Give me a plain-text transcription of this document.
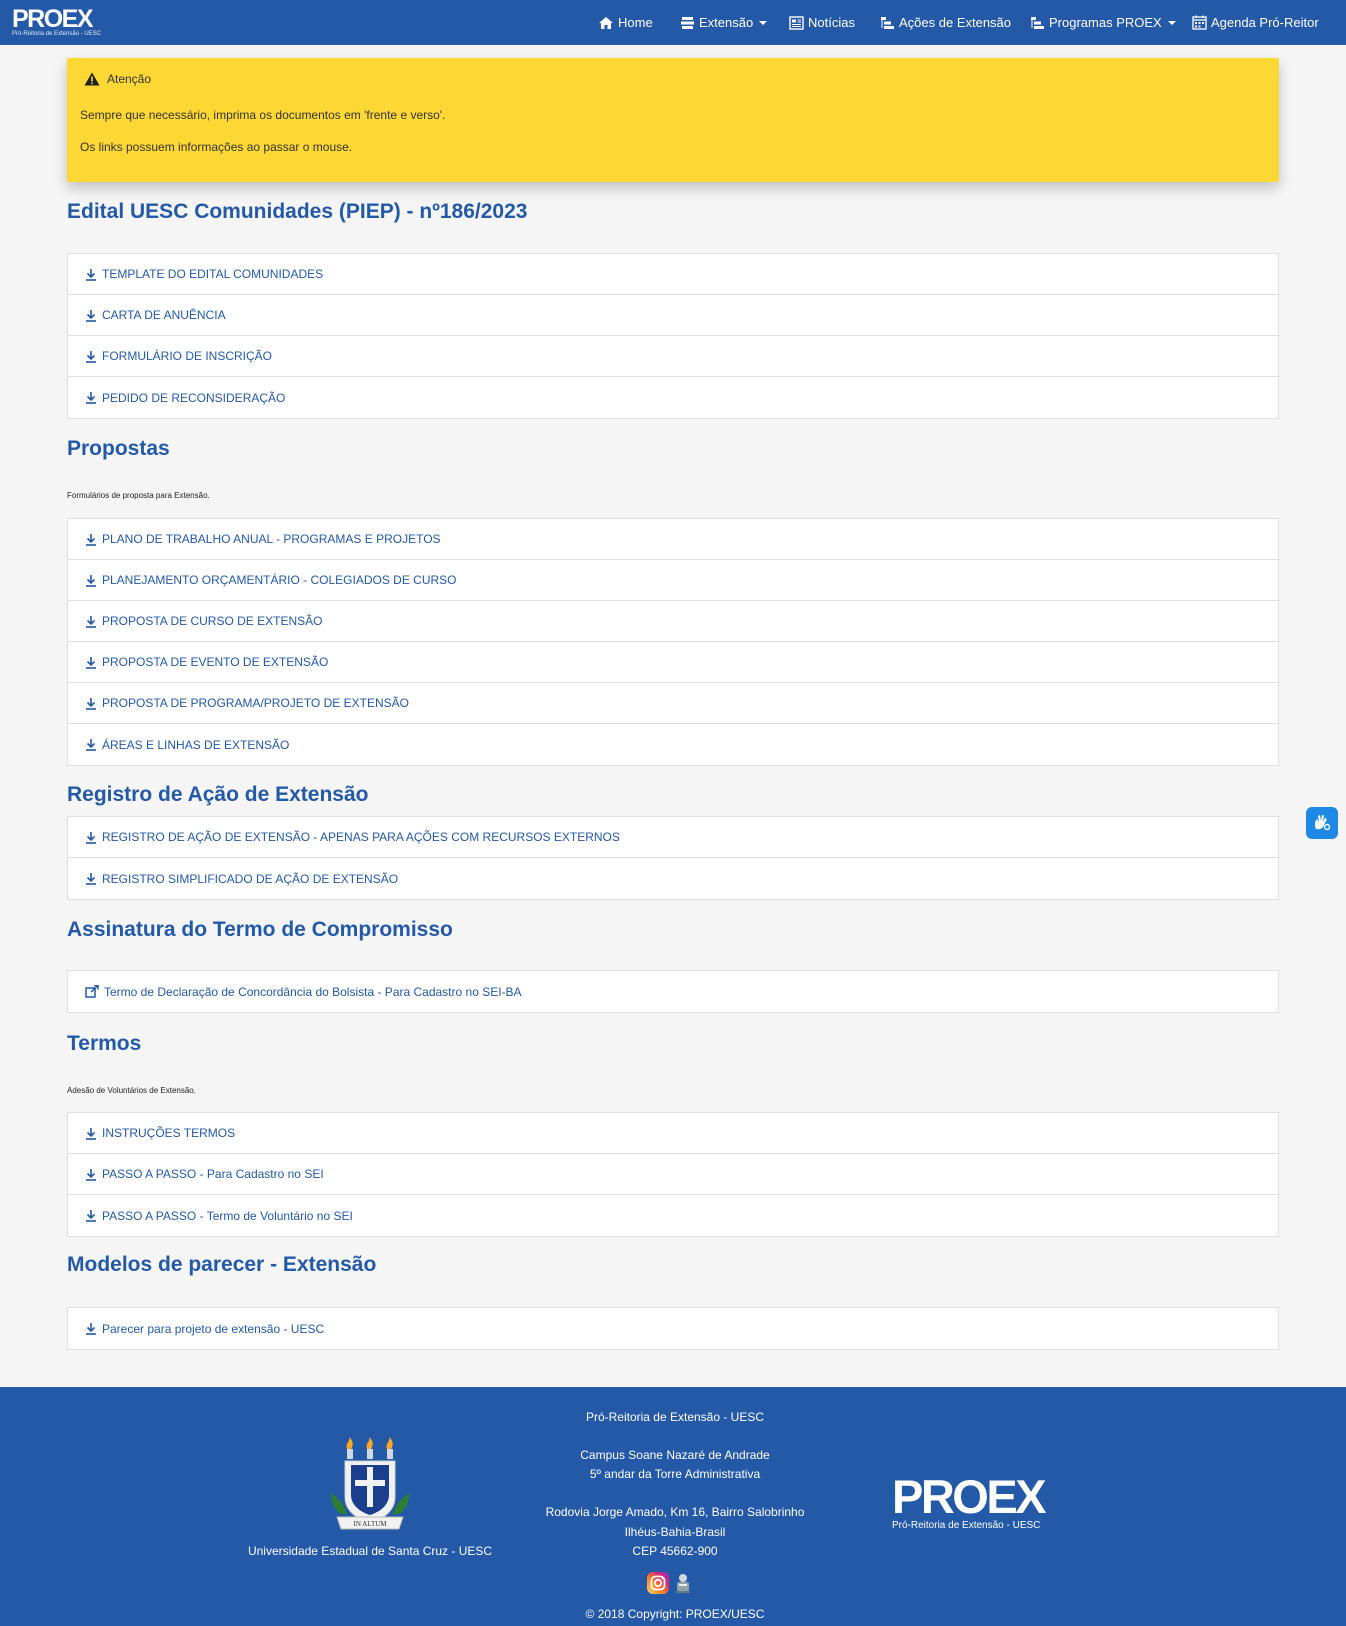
PROEX
Pró-Reitoria de Extensão - UESC
Home	Extensão	Notícias	Ações de Extensão	Programas PROEX	Agenda Pró-Reitor
Atenção
Sempre que necessário, imprima os documentos em 'frente e verso'.
Os links possuem informações ao passar o mouse.
Edital UESC Comunidades (PIEP) - nº186/2023
TEMPLATE DO EDITAL COMUNIDADES
CARTA DE ANUÊNCIA
FORMULÁRIO DE INSCRIÇÃO
PEDIDO DE RECONSIDERAÇÃO
Propostas
Formulários de proposta para Extensão.
PLANO DE TRABALHO ANUAL - PROGRAMAS E PROJETOS
PLANEJAMENTO ORÇAMENTÁRIO - COLEGIADOS DE CURSO
PROPOSTA DE CURSO DE EXTENSÃO
PROPOSTA DE EVENTO DE EXTENSÃO
PROPOSTA DE PROGRAMA/PROJETO DE EXTENSÃO
ÁREAS E LINHAS DE EXTENSÃO
Registro de Ação de Extensão
REGISTRO DE AÇÃO DE EXTENSÃO - APENAS PARA AÇÕES COM RECURSOS EXTERNOS
REGISTRO SIMPLIFICADO DE AÇÃO DE EXTENSÃO
Assinatura do Termo de Compromisso
Termo de Declaração de Concordância do Bolsista - Para Cadastro no SEI-BA
Termos
Adesão de Voluntários de Extensão.
INSTRUÇÕES TERMOS
PASSO A PASSO - Para Cadastro no SEI
PASSO A PASSO - Termo de Voluntário no SEI
Modelos de parecer - Extensão
Parecer para projeto de extensão - UESC
IN ALTUM
Universidade Estadual de Santa Cruz - UESC
Pró-Reitoria de Extensão - UESC
Campus Soane Nazaré de Andrade
5º andar da Torre Administrativa
Rodovia Jorge Amado, Km 16, Bairro Salobrinho
Ilhéus-Bahia-Brasil
CEP 45662-900
PROEX
Pró-Reitoria de Extensão - UESC
© 2018 Copyright: PROEX/UESC
